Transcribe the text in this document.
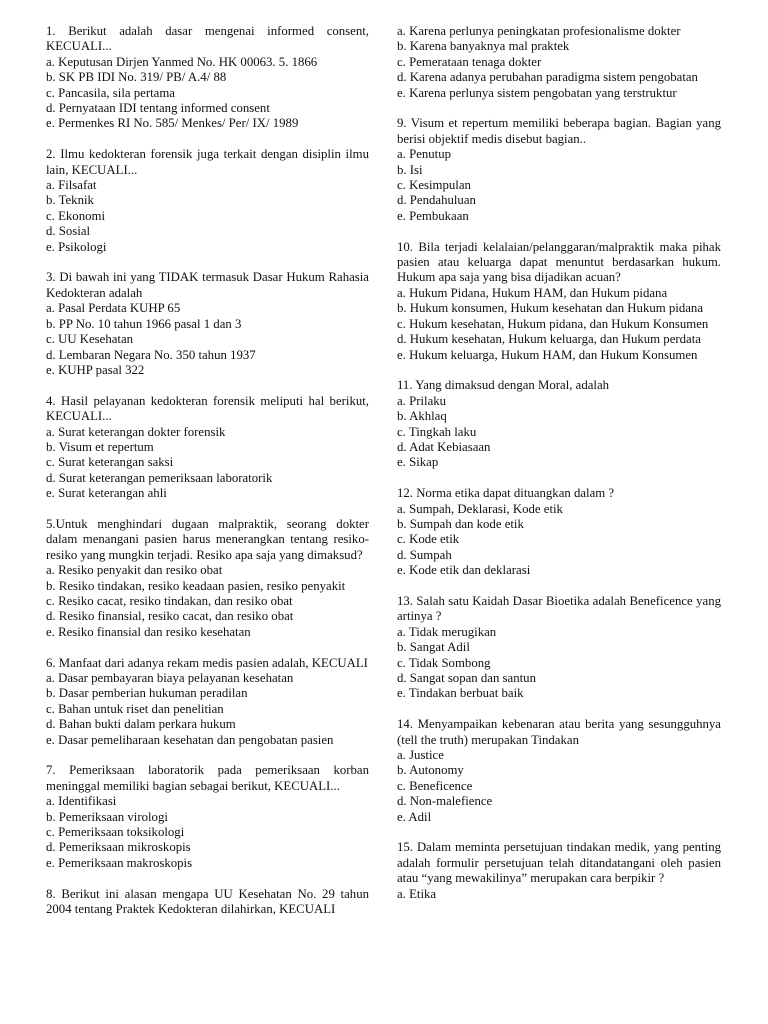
1. Berikut adalah dasar mengenai informed consent, KECUALI...

a. Keputusan Dirjen Yanmed No. HK 00063. 5. 1866

b. SK PB IDI No. 319/ PB/ A.4/ 88

c. Pancasila, sila pertama

d. Pernyataan IDI tentang informed consent

e. Permenkes RI No. 585/ Menkes/ Per/ IX/ 1989

2. Ilmu kedokteran forensik juga terkait dengan disiplin ilmu lain, KECUALI...

a. Filsafat

b. Teknik

c. Ekonomi

d. Sosial

e. Psikologi

3. Di bawah ini yang TIDAK termasuk Dasar Hukum Rahasia Kedokteran adalah

a. Pasal Perdata KUHP 65

b. PP No. 10 tahun 1966 pasal 1 dan 3

c. UU Kesehatan

d. Lembaran Negara No. 350 tahun 1937

e. KUHP pasal 322

4. Hasil pelayanan kedokteran forensik meliputi hal berikut, KECUALI...

a. Surat keterangan dokter forensik

b. Visum et repertum

c. Surat keterangan saksi

d. Surat keterangan pemeriksaan laboratorik

e. Surat keterangan ahli

5.Untuk menghindari dugaan malpraktik, seorang dokter dalam menangani pasien harus menerangkan tentang resiko-resiko yang mungkin terjadi. Resiko apa saja yang dimaksud?

a. Resiko penyakit dan resiko obat

b. Resiko tindakan, resiko keadaan pasien, resiko penyakit

c. Resiko cacat, resiko tindakan, dan resiko obat

d. Resiko finansial, resiko cacat, dan resiko obat

e. Resiko finansial dan resiko kesehatan

6. Manfaat dari adanya rekam medis pasien adalah, KECUALI

a. Dasar pembayaran biaya pelayanan kesehatan

b. Dasar pemberian hukuman peradilan

c. Bahan untuk riset dan penelitian

d. Bahan bukti dalam perkara hukum

e. Dasar pemeliharaan kesehatan dan pengobatan pasien

7. Pemeriksaan laboratorik pada pemeriksaan korban meninggal memiliki bagian sebagai berikut, KECUALI...

a. Identifikasi

b. Pemeriksaan virologi

c. Pemeriksaan toksikologi

d. Pemeriksaan mikroskopis

e. Pemeriksaan makroskopis

8. Berikut ini alasan mengapa UU Kesehatan No. 29 tahun 2004 tentang Praktek Kedokteran dilahirkan, KECUALI

a. Karena perlunya peningkatan profesionalisme dokter

b. Karena banyaknya mal praktek

c. Pemerataan tenaga dokter

d. Karena adanya perubahan paradigma sistem pengobatan

e. Karena perlunya sistem pengobatan yang terstruktur

9. Visum et repertum memiliki beberapa bagian. Bagian yang berisi objektif medis disebut bagian..

a. Penutup

b. Isi

c. Kesimpulan

d. Pendahuluan

e. Pembukaan

10. Bila terjadi kelalaian/pelanggaran/malpraktik maka pihak pasien atau keluarga dapat menuntut berdasarkan hukum. Hukum apa saja yang bisa dijadikan acuan?

a. Hukum Pidana, Hukum HAM, dan Hukum pidana

b. Hukum konsumen, Hukum kesehatan dan Hukum pidana

c. Hukum kesehatan, Hukum pidana, dan Hukum Konsumen

d. Hukum kesehatan, Hukum keluarga, dan Hukum perdata

e. Hukum keluarga, Hukum HAM, dan Hukum Konsumen

11. Yang dimaksud dengan Moral, adalah

a. Prilaku

b. Akhlaq

c. Tingkah laku

d. Adat Kebiasaan

e. Sikap

12. Norma etika dapat dituangkan dalam ?

a. Sumpah, Deklarasi, Kode etik

b. Sumpah dan kode etik

c. Kode etik

d. Sumpah

e. Kode etik dan deklarasi

13. Salah satu Kaidah Dasar Bioetika adalah Beneficence yang artinya ?

a. Tidak merugikan

b. Sangat Adil

c. Tidak Sombong

d. Sangat sopan dan santun

e. Tindakan berbuat baik

14. Menyampaikan kebenaran atau berita yang sesungguhnya (tell the truth) merupakan Tindakan

a. Justice

b. Autonomy

c. Beneficence

d. Non-malefience

e. Adil

15. Dalam meminta persetujuan tindakan medik, yang penting adalah formulir persetujuan telah ditandatangani oleh pasien atau “yang mewakilinya” merupakan cara berpikir ?

a. Etika
